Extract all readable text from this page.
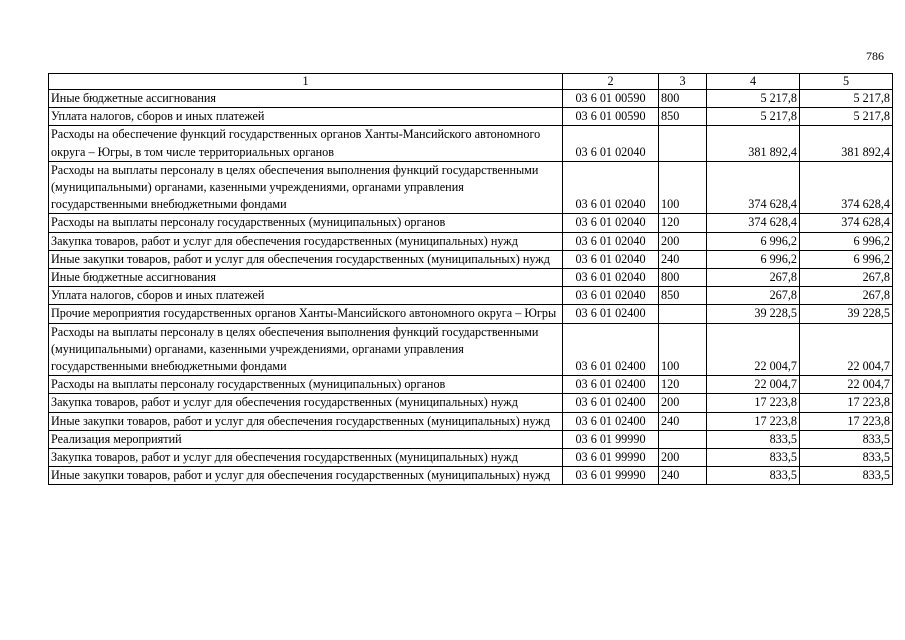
786
1	2	3	4	5
Иные бюджетные ассигнования	03 6 01 00590	800	5 217,8	5 217,8
Уплата налогов, сборов и иных платежей	03 6 01 00590	850	5 217,8	5 217,8
Расходы на обеспечение функций государственных органов Ханты-Мансийского автономного округа – Югры, в том числе территориальных органов	03 6 01 02040		381 892,4	381 892,4
Расходы на выплаты персоналу в целях обеспечения выполнения функций государственными (муниципальными) органами, казенными учреждениями, органами управления государственными внебюджетными фондами	03 6 01 02040	100	374 628,4	374 628,4
Расходы на выплаты персоналу государственных (муниципальных) органов	03 6 01 02040	120	374 628,4	374 628,4
Закупка товаров, работ и услуг для обеспечения государственных (муниципальных) нужд	03 6 01 02040	200	6 996,2	6 996,2
Иные закупки товаров, работ и услуг для обеспечения государственных (муниципальных) нужд	03 6 01 02040	240	6 996,2	6 996,2
Иные бюджетные ассигнования	03 6 01 02040	800	267,8	267,8
Уплата налогов, сборов и иных платежей	03 6 01 02040	850	267,8	267,8
Прочие мероприятия государственных органов Ханты-Мансийского автономного округа – Югры	03 6 01 02400		39 228,5	39 228,5
Расходы на выплаты персоналу в целях обеспечения выполнения функций государственными (муниципальными) органами, казенными учреждениями, органами управления государственными внебюджетными фондами	03 6 01 02400	100	22 004,7	22 004,7
Расходы на выплаты персоналу государственных (муниципальных) органов	03 6 01 02400	120	22 004,7	22 004,7
Закупка товаров, работ и услуг для обеспечения государственных (муниципальных) нужд	03 6 01 02400	200	17 223,8	17 223,8
Иные закупки товаров, работ и услуг для обеспечения государственных (муниципальных) нужд	03 6 01 02400	240	17 223,8	17 223,8
Реализация мероприятий	03 6 01 99990		833,5	833,5
Закупка товаров, работ и услуг для обеспечения государственных (муниципальных) нужд	03 6 01 99990	200	833,5	833,5
Иные закупки товаров, работ и услуг для обеспечения государственных (муниципальных) нужд	03 6 01 99990	240	833,5	833,5
